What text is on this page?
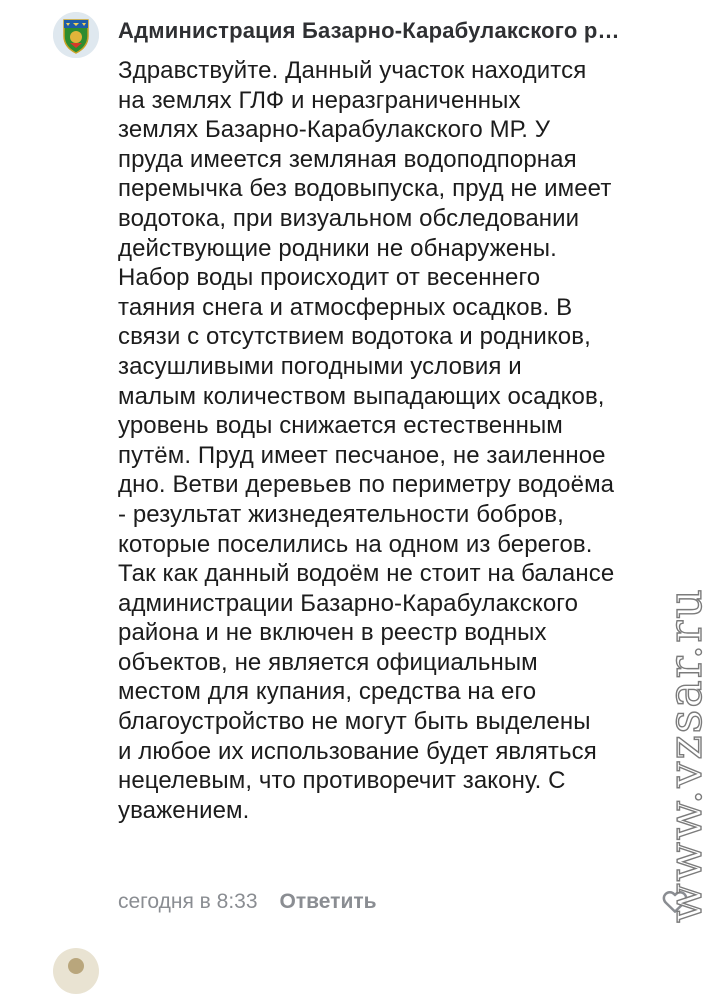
Администрация Базарно-Карабулакского р…
Здравствуйте. Данный участок находится
на землях ГЛФ и неразграниченных
землях Базарно-Карабулакского МР. У
пруда имеется земляная водоподпорная
перемычка без водовыпуска, пруд не имеет
водотока, при визуальном обследовании
действующие родники не обнаружены.
Набор воды происходит от весеннего
таяния снега и атмосферных осадков. В
связи с отсутствием водотока и родников,
засушливыми погодными условия и
малым количеством выпадающих осадков,
уровень воды снижается естественным
путём. Пруд имеет песчаное, не заиленное
дно. Ветви деревьев по периметру водоёма
- результат жизнедеятельности бобров,
которые поселились на одном из берегов.
Так как данный водоём не стоит на балансе
администрации Базарно-Карабулакского
района и не включен в реестр водных
объектов, не является официальным
местом для купания, средства на его
благоустройство не могут быть выделены
и любое их использование будет являться
нецелевым, что противоречит закону. С
уважением.
сегодня в 8:33 Ответить	www.vzsar.ru
